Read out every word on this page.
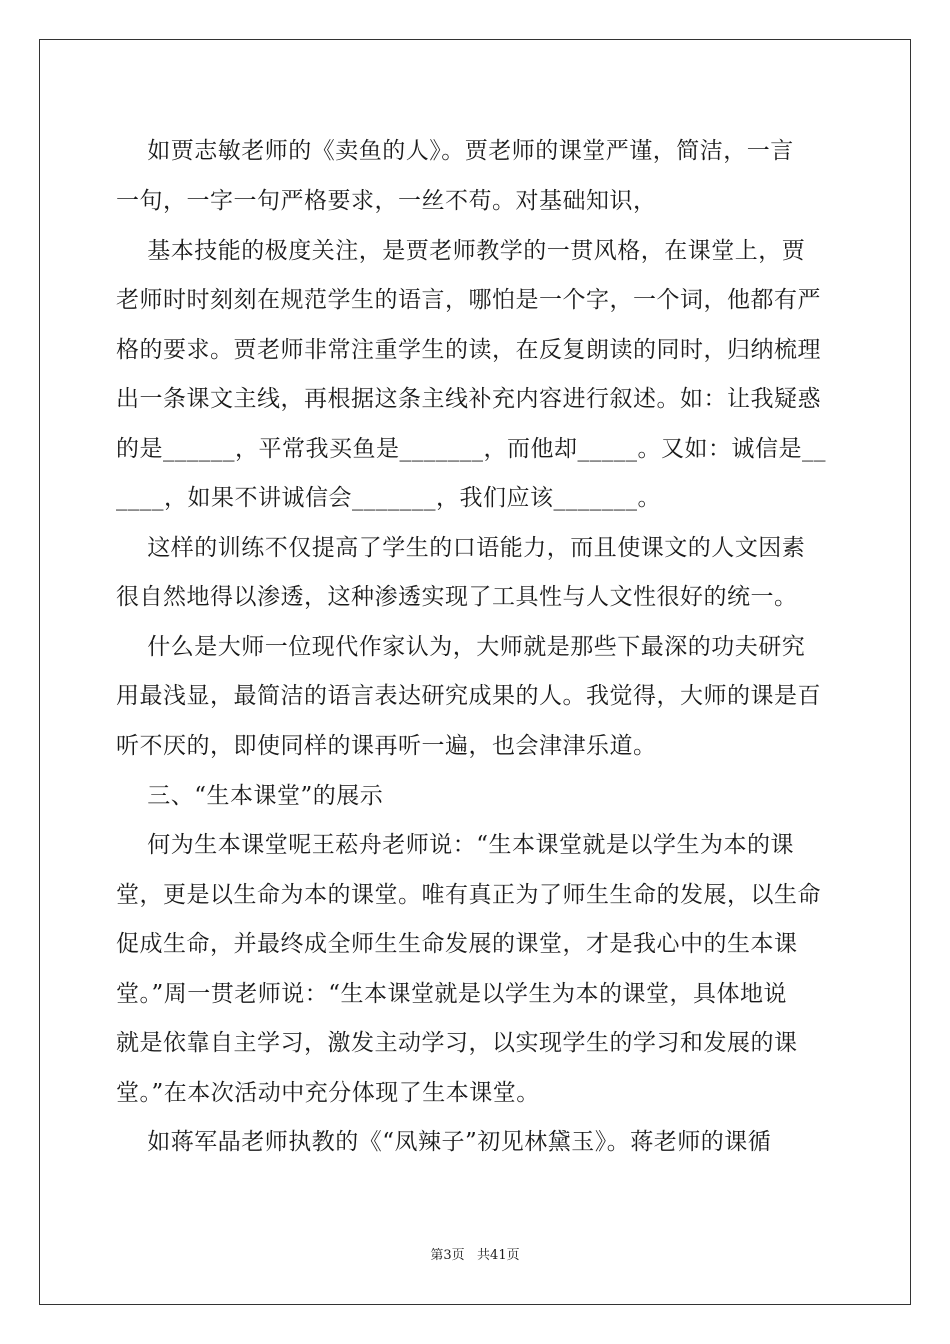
如贾志敏老师的《卖鱼的人》。贾老师的课堂严谨，简洁，一言
一句，一字一句严格要求，一丝不苟。对基础知识，
基本技能的极度关注，是贾老师教学的一贯风格，在课堂上，贾
老师时时刻刻在规范学生的语言，哪怕是一个字，一个词，他都有严
格的要求。贾老师非常注重学生的读，在反复朗读的同时，归纳梳理
出一条课文主线，再根据这条主线补充内容进行叙述。如：让我疑惑
的是______，平常我买鱼是_______，而他却_____。又如：诚信是__
____，如果不讲诚信会_______，我们应该_______。
这样的训练不仅提高了学生的口语能力，而且使课文的人文因素
很自然地得以渗透，这种渗透实现了工具性与人文性很好的统一。
什么是大师一位现代作家认为，大师就是那些下最深的功夫研究
用最浅显，最简洁的语言表达研究成果的人。我觉得，大师的课是百
听不厌的，即使同样的课再听一遍，也会津津乐道。
三、“生本课堂”的展示
何为生本课堂呢王菘舟老师说：“生本课堂就是以学生为本的课
堂，更是以生命为本的课堂。唯有真正为了师生生命的发展，以生命
促成生命，并最终成全师生生命发展的课堂，才是我心中的生本课
堂。”周一贯老师说：“生本课堂就是以学生为本的课堂，具体地说
就是依靠自主学习，激发主动学习，以实现学生的学习和发展的课
堂。”在本次活动中充分体现了生本课堂。
如蒋军晶老师执教的《“凤辣子”初见林黛玉》。蒋老师的课循
第3页   共41页
